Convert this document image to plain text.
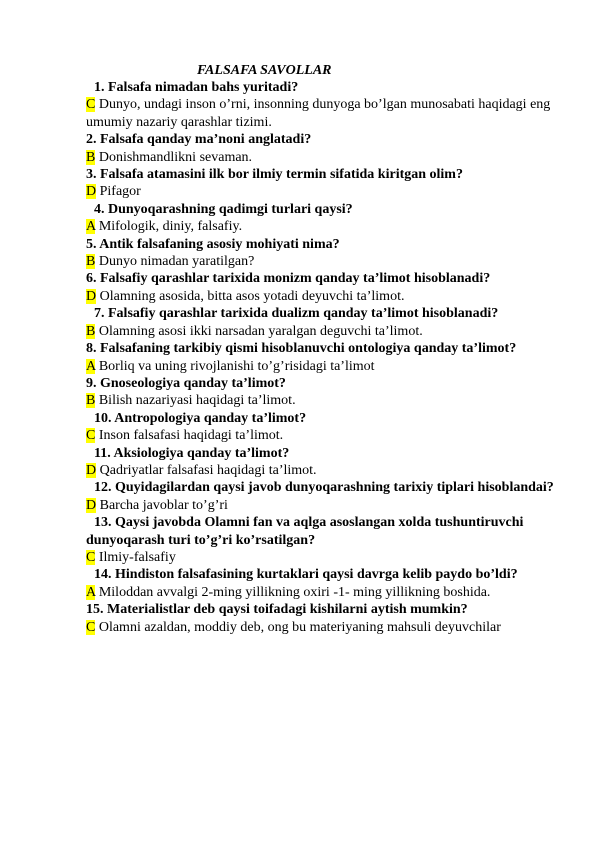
FALSAFA SAVOLLAR
1. Falsafa nimadan bahs yuritadi?
C Dunyo, undagi inson o’rni, insonning dunyoga bo’lgan munosabati haqidagi eng umumiy nazariy qarashlar tizimi.
2. Falsafa qanday ma’noni anglatadi?
B Donishmandlikni sevaman.
3. Falsafa atamasini ilk bor ilmiy termin sifatida kiritgan olim?
D Pifagor
4. Dunyoqarashning qadimgi turlari qaysi?
A Mifologik, diniy, falsafiy.
5. Antik falsafaning asosiy mohiyati nima?
B Dunyo nimadan yaratilgan?
6. Falsafiy qarashlar tarixida monizm qanday ta’limot hisoblanadi?
D Olamning asosida, bitta asos yotadi deyuvchi ta’limot.
7. Falsafiy qarashlar tarixida dualizm qanday ta’limot hisoblanadi?
B Olamning asosi ikki narsadan yaralgan deguvchi ta’limot.
8. Falsafaning tarkibiy qismi hisoblanuvchi ontologiya qanday ta’limot?
A Borliq va uning rivojlanishi to’g’risidagi ta’limot
9. Gnoseologiya qanday ta’limot?
B Bilish nazariyasi haqidagi ta’limot.
10. Antropologiya qanday ta’limot?
C Inson falsafasi haqidagi ta’limot.
11. Aksiologiya qanday ta’limot?
D Qadriyatlar falsafasi haqidagi ta’limot.
12. Quyidagilardan qaysi javob dunyoqarashning tarixiy tiplari hisoblandai?
D Barcha javoblar to’g’ri
13. Qaysi javobda Olamni fan va aqlga asoslangan xolda tushuntiruvchi dunyoqarash turi to’g’ri ko’rsatilgan?
C Ilmiy-falsafiy
14. Hindiston falsafasining kurtaklari qaysi davrga kelib paydo bo’ldi?
A Miloddan avvalgi 2-ming yillikning oxiri -1- ming yillikning boshida.
15. Materialistlar deb qaysi toifadagi kishilarni aytish mumkin?
C Olamni azaldan, moddiy deb, ong bu materiyaning mahsuli deyuvchilar
